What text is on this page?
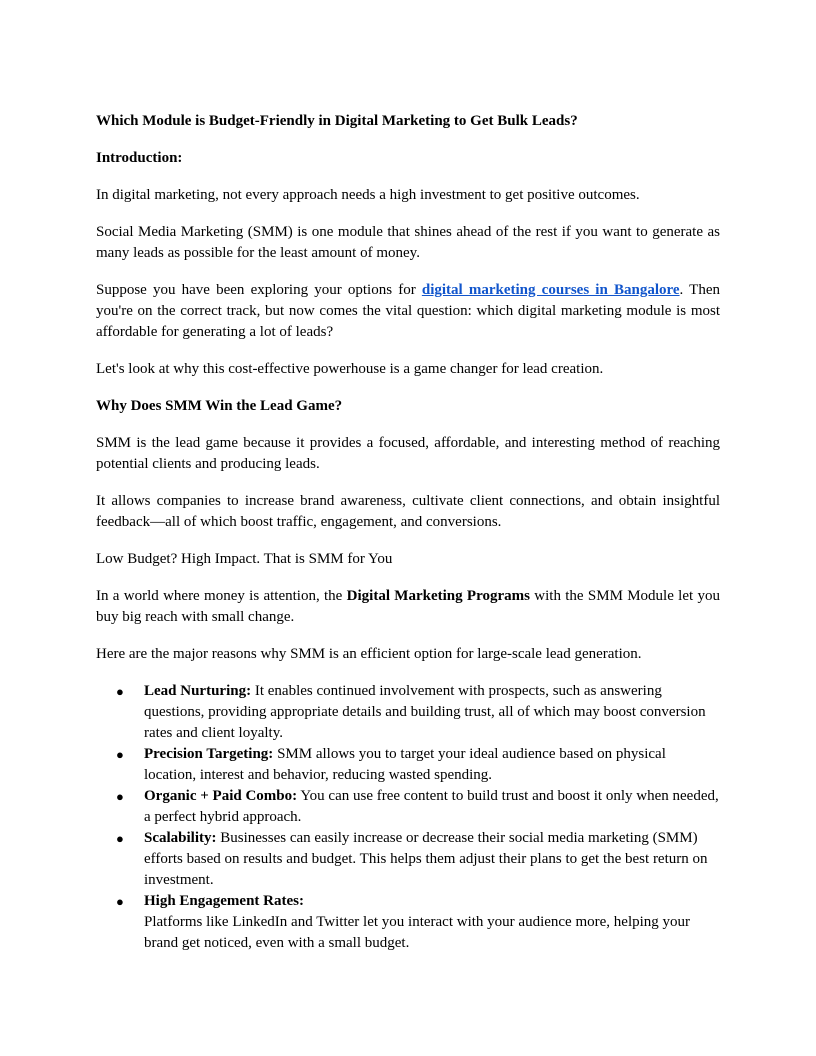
Which Module is Budget-Friendly in Digital Marketing to Get Bulk Leads?

Introduction:

In digital marketing, not every approach needs a high investment to get positive outcomes.

Social Media Marketing (SMM) is one module that shines ahead of the rest if you want to generate as many leads as possible for the least amount of money.

Suppose you have been exploring your options for digital marketing courses in Bangalore. Then you're on the correct track, but now comes the vital question: which digital marketing module is most affordable for generating a lot of leads?

Let's look at why this cost-effective powerhouse is a game changer for lead creation.

Why Does SMM Win the Lead Game?

SMM is the lead game because it provides a focused, affordable, and interesting method of reaching potential clients and producing leads.

It allows companies to increase brand awareness, cultivate client connections, and obtain insightful feedback—all of which boost traffic, engagement, and conversions.

Low Budget? High Impact. That is SMM for You

In a world where money is attention, the Digital Marketing Programs with the SMM Module let you buy big reach with small change.

Here are the major reasons why SMM is an efficient option for large-scale lead generation.

● Lead Nurturing: It enables continued involvement with prospects, such as answering questions, providing appropriate details and building trust, all of which may boost conversion rates and client loyalty.
● Precision Targeting: SMM allows you to target your ideal audience based on physical location, interest and behavior, reducing wasted spending.
● Organic + Paid Combo: You can use free content to build trust and boost it only when needed, a perfect hybrid approach.
● Scalability: Businesses can easily increase or decrease their social media marketing (SMM) efforts based on results and budget. This helps them adjust their plans to get the best return on investment.
● High Engagement Rates:
Platforms like LinkedIn and Twitter let you interact with your audience more, helping your brand get noticed, even with a small budget.
